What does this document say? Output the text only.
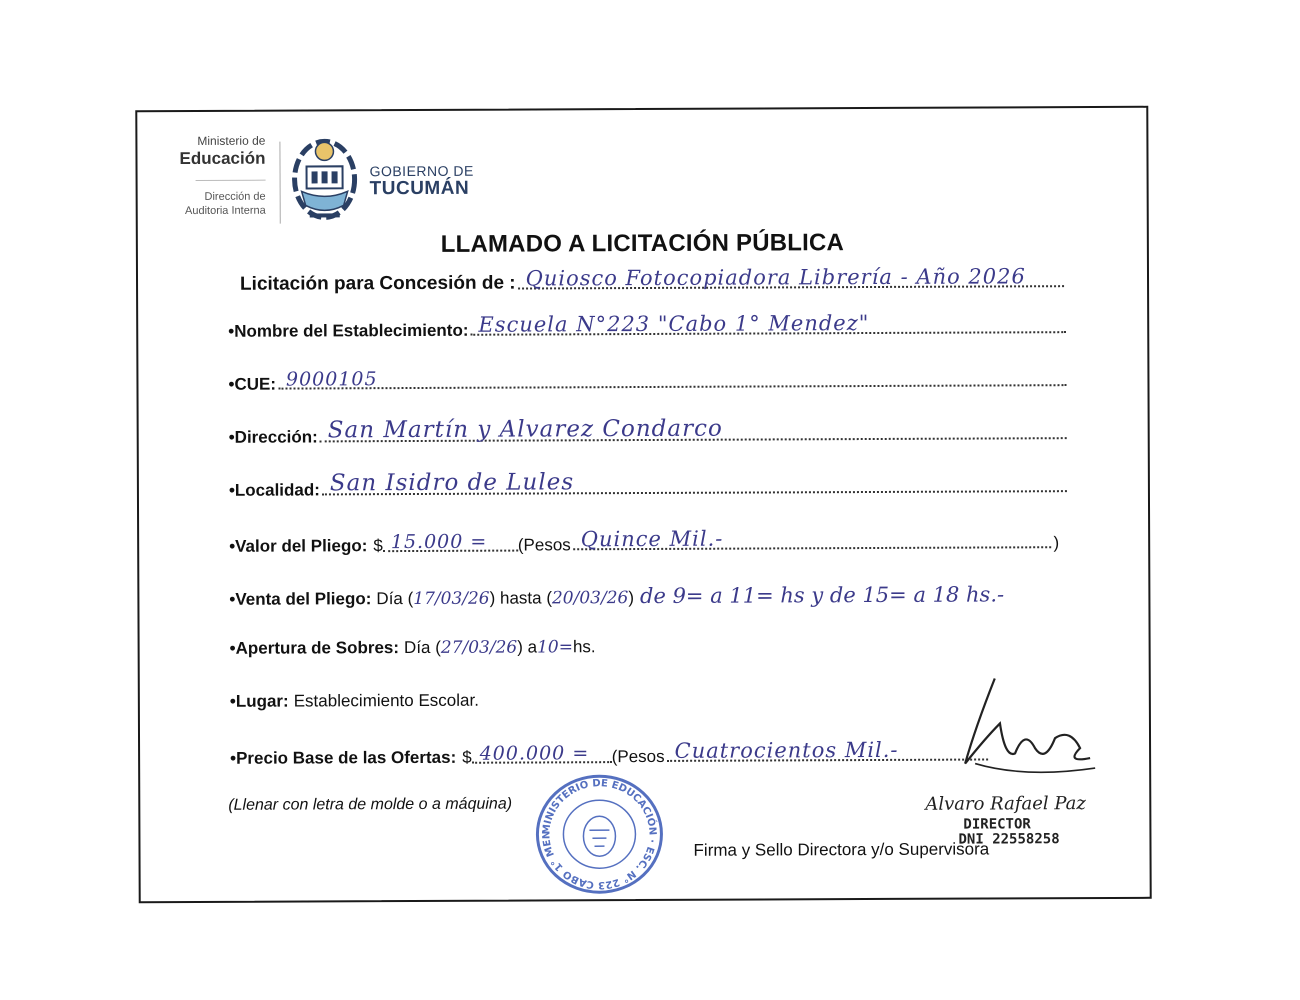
Ministerio de
Educación
Dirección de
Auditoria Interna
GOBIERNO DE
TUCUMÁN
LLAMADO A LICITACIÓN PÚBLICA
Licitación para Concesión de : Quiosco Fotocopiadora Librería - Año 2026
•Nombre del Establecimiento: Escuela N°223 "Cabo 1° Mendez"
•CUE: 9000105
•Dirección: San Martín y Alvarez Condarco
•Localidad: San Isidro de Lules
•Valor del Pliego: $ 15.000 = (Pesos Quince Mil.-	)
•Venta del Pliego: Día ( 17/03/26 ) hasta ( 20/03/26 ) de 9= a 11= hs y de 15= a 18 hs.-
•Apertura de Sobres: Día ( 27/03/26 ) a 10= hs.
•Lugar: Establecimiento Escolar.
•Precio Base de las Ofertas: $ 400.000 = (Pesos Cuatrocientos Mil.-
(Llenar con letra de molde o a máquina)
MINISTERIO DE EDUCACIÓN · ESC. N° 223 CABO 1° MENDEZ
Alvaro Rafael Paz
DIRECTOR
DNI 22558258
Firma y Sello Directora y/o Supervisora
